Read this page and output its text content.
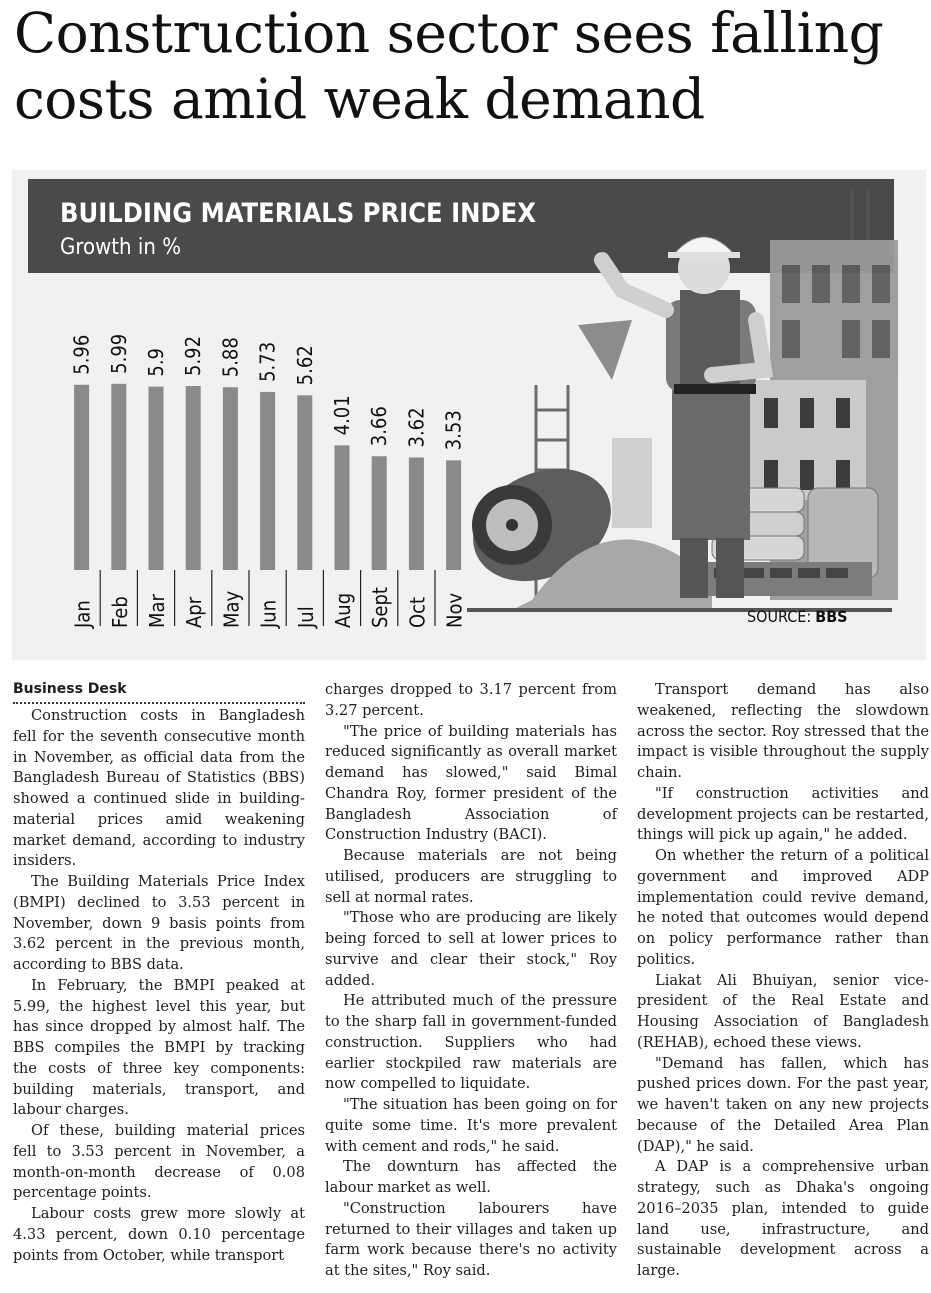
Construction sector sees falling costs amid weak demand
BUILDING MATERIALS PRICE INDEX
Growth in %
5.96 5.99 5.9 5.92 5.88 5.73 5.62
4.01 3.66 3.62 3.53
Jan Feb Mar Apr May Jun Jul Aug Sept Oct Nov	SOURCE: BBS
Business Desk

Construction costs in Bangladesh fell for the seventh consecutive month in November, as official data from the Bangladesh Bureau of Statistics (BBS) showed a continued slide in building-material prices amid weakening market demand, according to industry insiders.

The Building Materials Price Index (BMPI) declined to 3.53 percent in November, down 9 basis points from 3.62 percent in the previous month, according to BBS data.

In February, the BMPI peaked at 5.99, the highest level this year, but has since dropped by almost half. The BBS compiles the BMPI by tracking the costs of three key components: building materials, transport, and labour charges.

Of these, building material prices fell to 3.53 percent in November, a month-on-month decrease of 0.08 percentage points.

Labour costs grew more slowly at 4.33 percent, down 0.10 percentage points from October, while transport

charges dropped to 3.17 percent from 3.27 percent.

"The price of building materials has reduced significantly as overall market demand has slowed," said Bimal Chandra Roy, former president of the Bangladesh Association of Construction Industry (BACI).

Because materials are not being utilised, producers are struggling to sell at normal rates.

"Those who are producing are likely being forced to sell at lower prices to survive and clear their stock," Roy added.

He attributed much of the pressure to the sharp fall in government-funded construction. Suppliers who had earlier stockpiled raw materials are now compelled to liquidate.

"The situation has been going on for quite some time. It's more prevalent with cement and rods," he said.

The downturn has affected the labour market as well.

"Construction labourers have returned to their villages and taken up farm work because there's no activity at the sites," Roy said.

Transport demand has also weakened, reflecting the slowdown across the sector. Roy stressed that the impact is visible throughout the supply chain.

"If construction activities and development projects can be restarted, things will pick up again," he added.

On whether the return of a political government and improved ADP implementation could revive demand, he noted that outcomes would depend on policy performance rather than politics.

Liakat Ali Bhuiyan, senior vice-president of the Real Estate and Housing Association of Bangladesh (REHAB), echoed these views.

"Demand has fallen, which has pushed prices down. For the past year, we haven't taken on any new projects because of the Detailed Area Plan (DAP)," he said.

A DAP is a comprehensive urban strategy, such as Dhaka's ongoing 2016–2035 plan, intended to guide land use, infrastructure, and sustainable development across a large.
